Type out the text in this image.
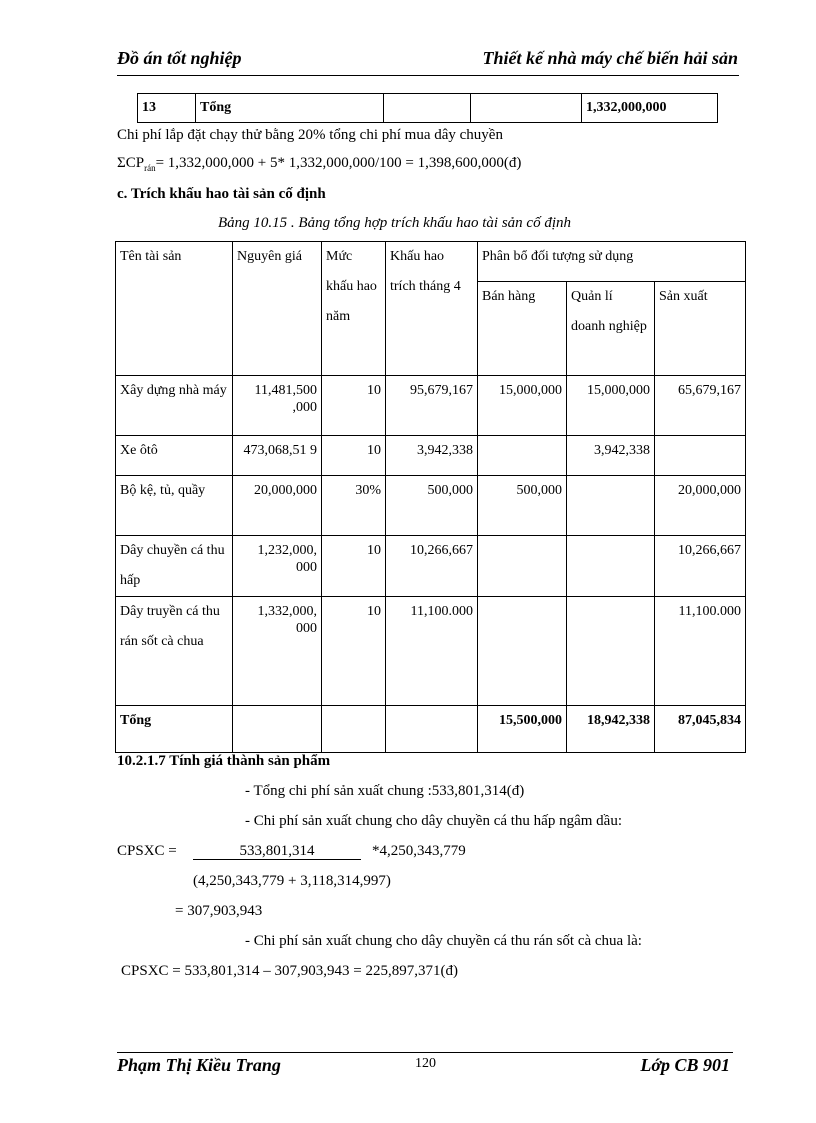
Đồ án tốt nghiệp	Thiết kế nhà máy chế biến hải sản
13	Tổng			1,332,000,000
Chi phí lắp đặt chạy thử bằng 20% tổng chi phí mua dây chuyền
$\Sigma CP_{rán}= 1,332,000,000 + 5*$ 1,332,000,000/100 = 1,398,600,000(đ)
c. Trích khấu hao tài sản cố định
Bảng 10.15 . Bảng tổng hợp trích khấu hao tài sản cố định
Tên tài sản	Nguyên giá	Mức khấu hao năm	Khấu hao trích tháng 4	Phân bổ đối tượng sử dụng		
				Bán hàng	Quản lí doanh nghiệp	Sản xuất
Xây dựng nhà máy	11,481,500 ,000	10	95,679,167	15,000,000	15,000,000	65,679,167
Xe ôtô	473,068,51 9	10	3,942,338		3,942,338	
Bộ kệ, tủ, quầy	20,000,000	30%	500,000	500,000		20,000,000
Dây chuyền cá thu hấp	1,232,000, 000	10	10,266,667			10,266,667
Dây truyền cá thu rán sốt cà chua	1,332,000, 000	10	11,100.000			11,100.000
Tổng				15,500,000	18,942,338	87,045,834
10.2.1.7 Tính giá thành sản phẩm
- Tổng chi phí sản xuất chung :533,801,314(đ)
- Chi phí sản xuất chung cho dây chuyền cá thu hấp ngâm dầu:
CPSXC =	533,801,314	*4,250,343,779
(4,250,343,779 + 3,118,314,997)
= 307,903,943
- Chi phí sản xuất chung cho dây chuyền cá thu rán sốt cà chua là:
CPSXC = 533,801,314 – 307,903,943 = 225,897,371(đ)
Phạm Thị Kiều Trang	120	Lớp CB 901
